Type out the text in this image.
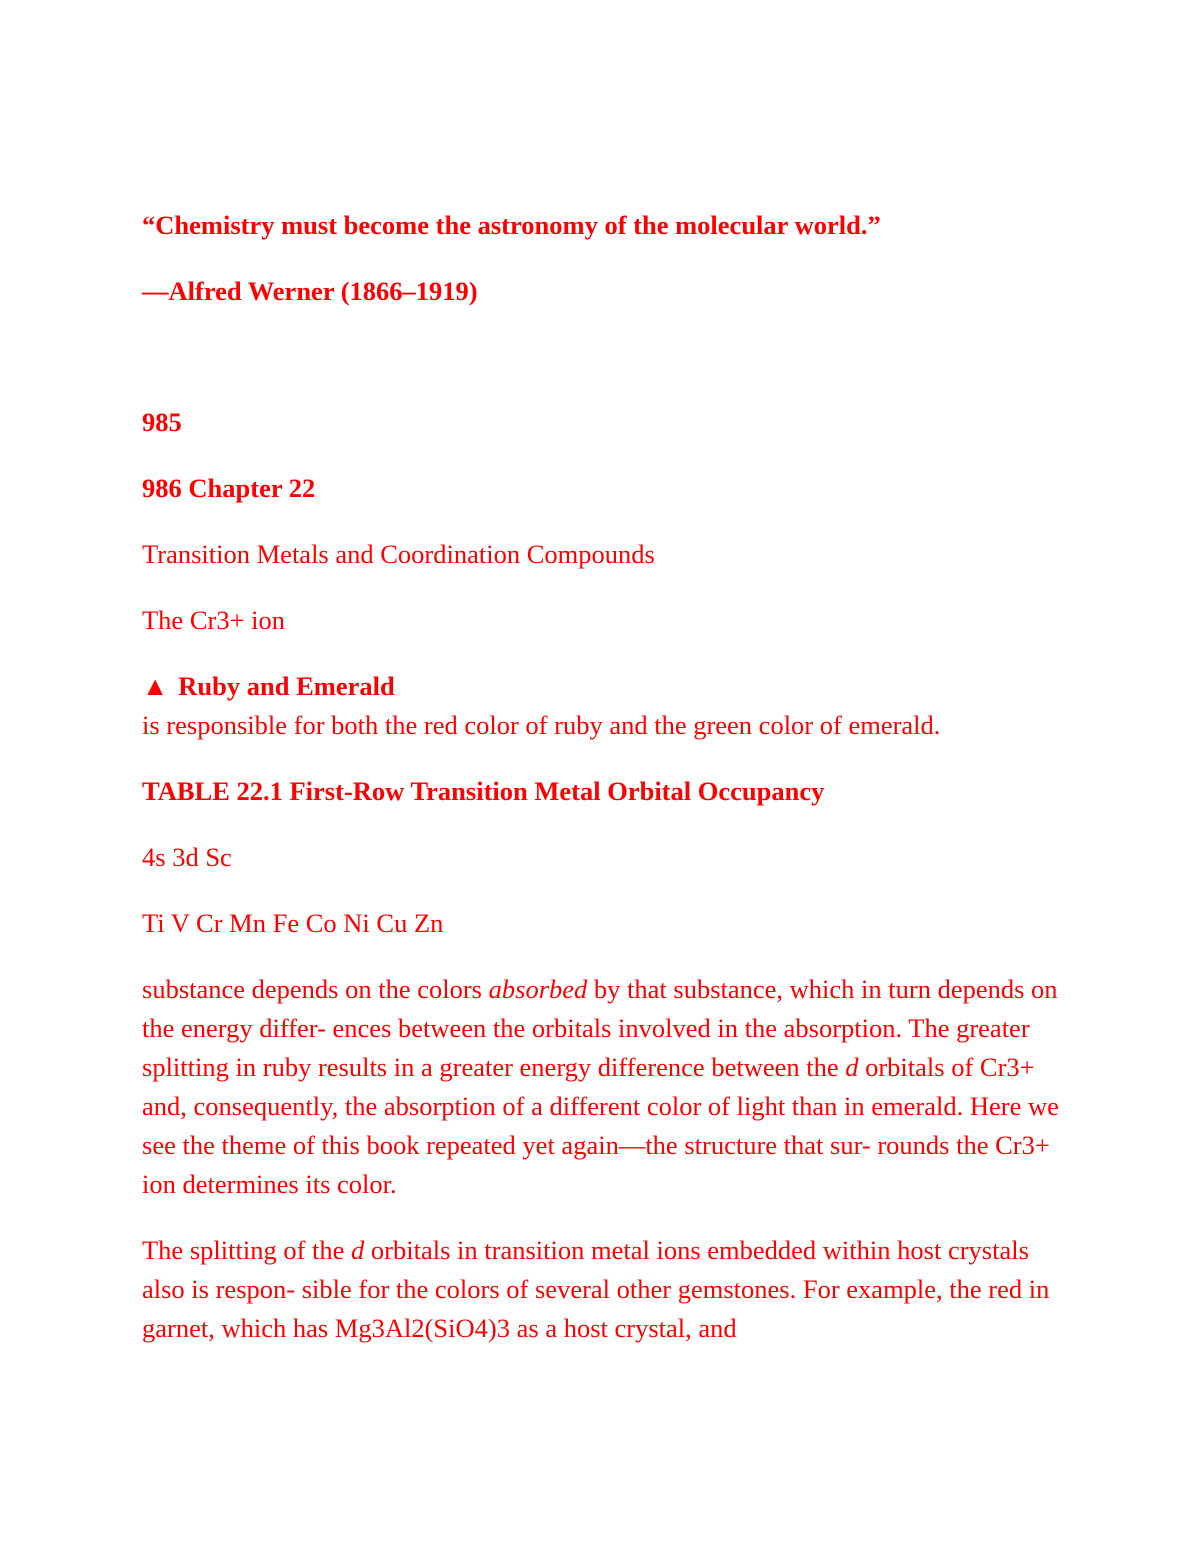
“Chemistry must become the astronomy of the molecular world.”

—Alfred Werner (1866–1919)

985

986 Chapter 22

Transition Metals and Coordination Compounds

The Cr3+ ion

▲ Ruby and Emerald

is responsible for both the red color of ruby and the green color of emerald.

TABLE 22.1 First-Row Transition Metal Orbital Occupancy

4s 3d Sc

Ti V Cr Mn Fe Co Ni Cu Zn

substance depends on the colors absorbed by that substance, which in turn depends on the energy differ- ences between the orbitals involved in the absorption. The greater splitting in ruby results in a greater energy difference between the d orbitals of Cr3+ and, consequently, the absorption of a different color of light than in emerald. Here we see the theme of this book repeated yet again—the structure that sur- rounds the Cr3+ ion determines its color.

The splitting of the d orbitals in transition metal ions embedded within host crystals also is respon- sible for the colors of several other gemstones. For example, the red in garnet, which has Mg3Al2(SiO4)3 as a host crystal, and
